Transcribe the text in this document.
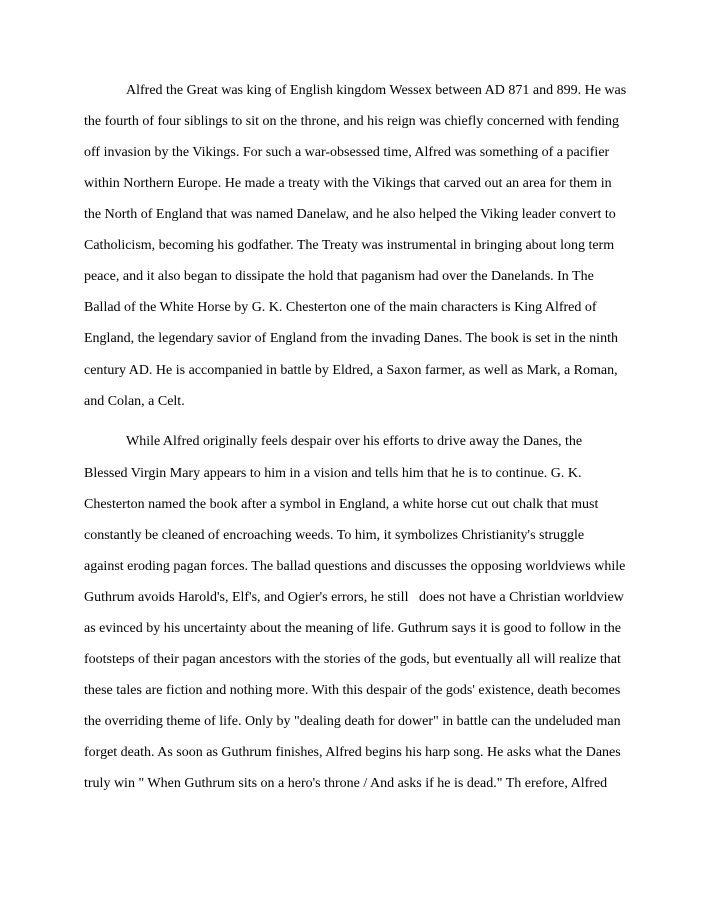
Alfred the Great was king of English kingdom Wessex between AD 871 and 899. He was
the fourth of four siblings to sit on the throne, and his reign was chiefly concerned with fending
off invasion by the Vikings. For such a war-obsessed time, Alfred was something of a pacifier
within Northern Europe. He made a treaty with the Vikings that carved out an area for them in
the North of England that was named Danelaw, and he also helped the Viking leader convert to
Catholicism, becoming his godfather. The Treaty was instrumental in bringing about long term
peace, and it also began to dissipate the hold that paganism had over the Danelands. In The
Ballad of the White Horse by G. K. Chesterton one of the main characters is King Alfred of
England, the legendary savior of England from the invading Danes. The book is set in the ninth
century AD. He is accompanied in battle by Eldred, a Saxon farmer, as well as Mark, a Roman,
and Colan, a Celt.
While Alfred originally feels despair over his efforts to drive away the Danes, the
Blessed Virgin Mary appears to him in a vision and tells him that he is to continue. G. K.
Chesterton named the book after a symbol in England, a white horse cut out chalk that must
constantly be cleaned of encroaching weeds. To him, it symbolizes Christianity's struggle
against eroding pagan forces. The ballad questions and discusses the opposing worldviews while
Guthrum avoids Harold's, Elf's, and Ogier's errors, he still   does not have a Christian worldview
as evinced by his uncertainty about the meaning of life. Guthrum says it is good to follow in the
footsteps of their pagan ancestors with the stories of the gods, but eventually all will realize that
these tales are fiction and nothing more. With this despair of the gods' existence, death becomes
the overriding theme of life. Only by "dealing death for dower" in battle can the undeluded man
forget death. As soon as Guthrum finishes, Alfred begins his harp song. He asks what the Danes
truly win " When Guthrum sits on a hero's throne / And asks if he is dead." Th erefore, Alfred
